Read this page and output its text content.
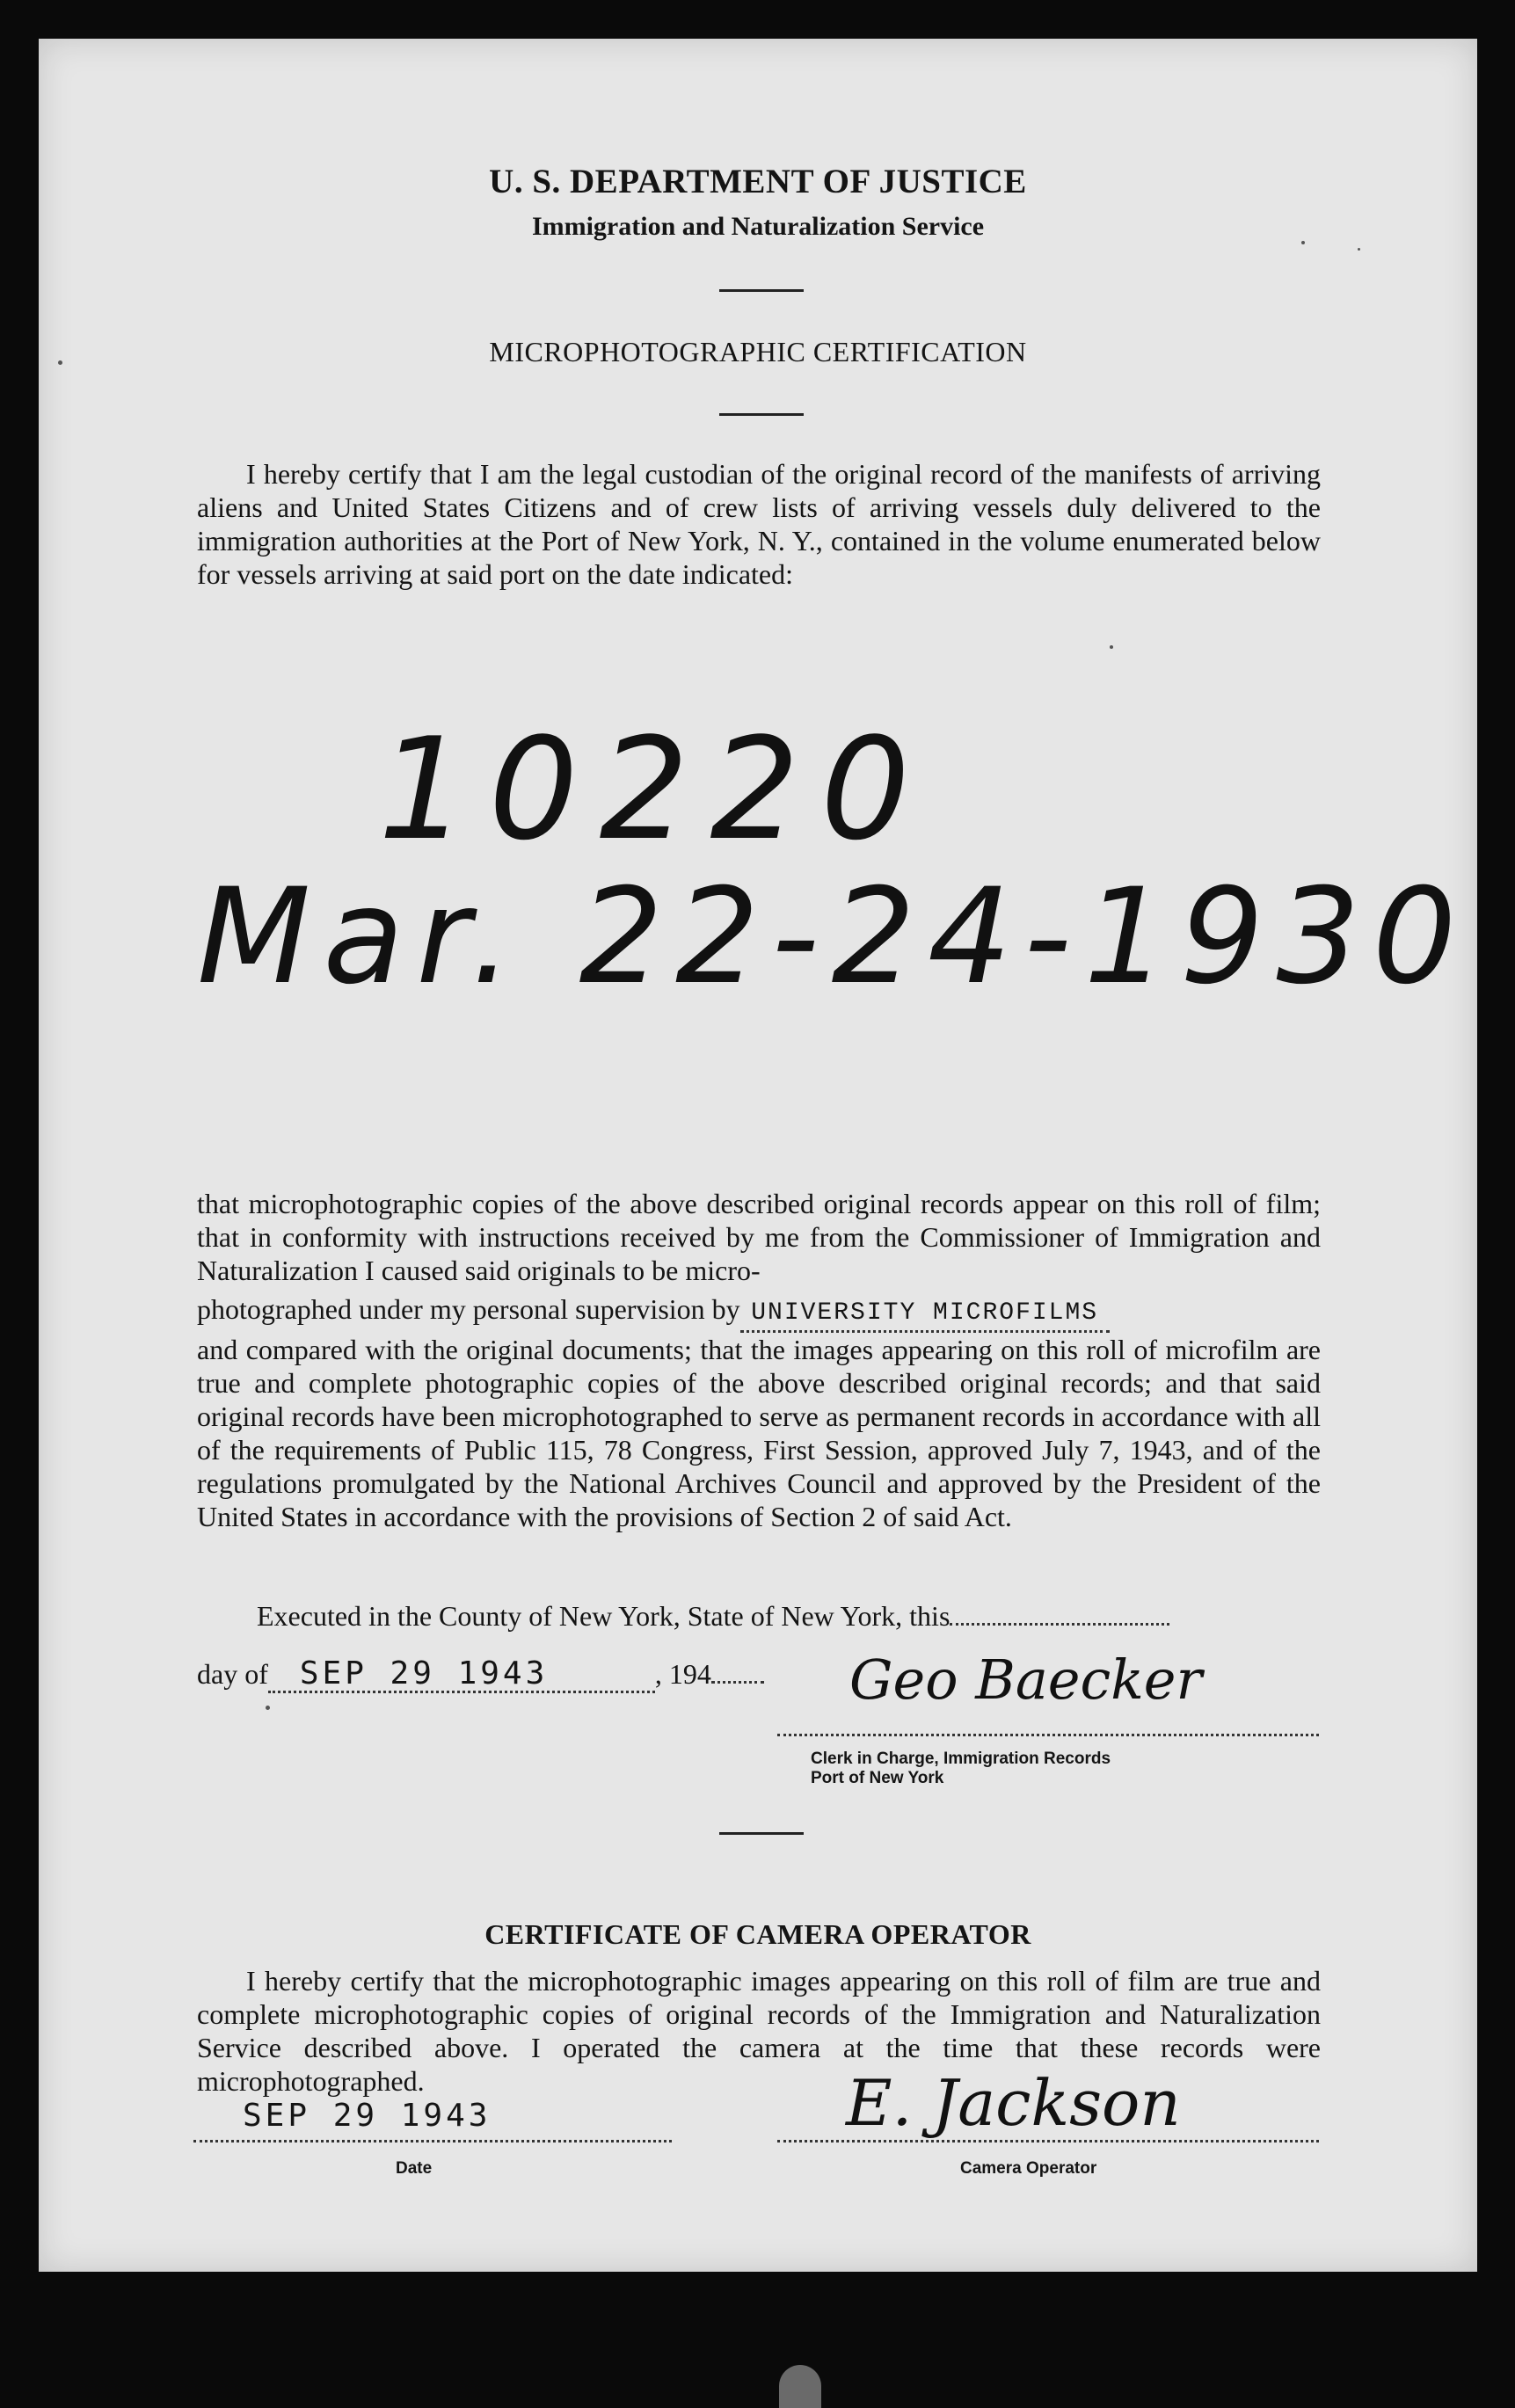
U. S. DEPARTMENT OF JUSTICE
Immigration and Naturalization Service
MICROPHOTOGRAPHIC CERTIFICATION

I hereby certify that I am the legal custodian of the original record of the manifests of arriving aliens and United States Citizens and of crew lists of arriving vessels duly delivered to the immigration authorities at the Port of New York, N. Y., contained in the volume enumerated below for vessels arriving at said port on the date indicated:

10220
Mar. 22-24-1930

that microphotographic copies of the above described original records appear on this roll of film; that in conformity with instructions received by me from the Commissioner of Immigration and Naturalization I caused said originals to be micro-

photographed under my personal supervision by UNIVERSITY MICROFILMS

and compared with the original documents; that the images appearing on this roll of microfilm are true and complete photographic copies of the above described original records; and that said original records have been microphotographed to serve as permanent records in accordance with all of the requirements of Public 115, 78 Congress, First Session, approved July 7, 1943, and of the regulations promulgated by the National Archives Council and approved by the President of the United States in accordance with the provisions of Section 2 of said Act.

Executed in the County of New York, State of New York, this
day of SEP 29 1943	, 194	Geo Baecker
Clerk in Charge, Immigration Records
Port of New York
CERTIFICATE OF CAMERA OPERATOR

I hereby certify that the microphotographic images appearing on this roll of film are true and complete microphotographic copies of original records of the Immigration and Naturalization Service described above. I operated the camera at the time that these records were microphotographed.

SEP 29 1943
Date
E. Jackson
Camera Operator
